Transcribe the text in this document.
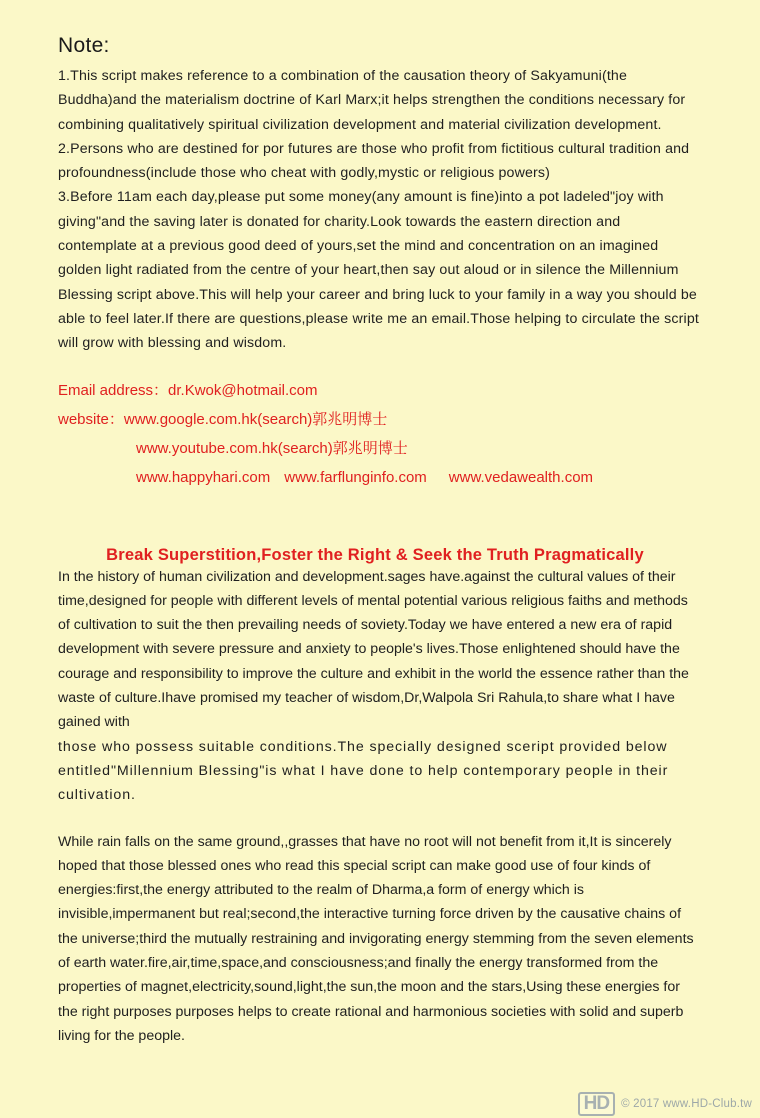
Note:

1.This script makes reference to a combination of the causation theory of Sakyamuni(the Buddha)and the materialism doctrine of Karl Marx;it helps strengthen the conditions necessary for combining qualitatively spiritual civilization development and material civilization development.

2.Persons who are destined for por futures are those who profit from fictitious cultural tradition and profoundness(include those who cheat with godly,mystic or religious powers)

3.Before 11am each day,please put some money(any amount is fine)into a pot ladeled"joy with giving"and the saving later is donated for charity.Look towards the eastern direction and contemplate at a previous good deed of yours,set the mind and concentration on an imagined golden light radiated from the centre of your heart,then say out aloud or in silence the Millennium Blessing script above.This will help your career and bring luck to your family in a way you should be able to feel later.If there are questions,please write me an email.Those helping to circulate the script will grow with blessing and wisdom.

Email address：dr.Kwok@hotmail.com
website：www.google.com.hk(search)郭兆明博士
www.youtube.com.hk(search)郭兆明博士
www.happyhari.com www.farflunginfo.com www.vedawealth.com
Break Superstition,Foster the Right & Seek the Truth Pragmatically

In the history of human civilization and development.sages have.against the cultural values of their time,designed for people with different levels of mental potential various religious faiths and methods of cultivation to suit the then prevailing needs of soviety.Today we have entered a new era of rapid development with severe pressure and anxiety to people's lives.Those enlightened should have the courage and responsibility to improve the culture and exhibit in the world the essence rather than the waste of culture.Ihave promised my teacher of wisdom,Dr,Walpola Sri Rahula,to share what I have gained with

those who possess suitable conditions.The specially designed sceript provided below entitled"Millennium Blessing"is what I have done to help contemporary people in their cultivation.

While rain falls on the same ground,,grasses that have no root will not benefit from it,It is sincerely hoped that those blessed ones who read this special script can make good use of four kinds of energies:first,the energy attributed to the realm of Dharma,a form of energy which is invisible,impermanent but real;second,the interactive turning force driven by the causative chains of the universe;third the mutually restraining and invigorating energy stemming from the seven elements of earth water.fire,air,time,space,and consciousness;and finally the energy transformed from the properties of magnet,electricity,sound,light,the sun,the moon and the stars,Using these energies for the right purposes purposes helps to create rational and harmonious societies with solid and superb living for the people.

HD	© 2017 www.HD-Club.tw
